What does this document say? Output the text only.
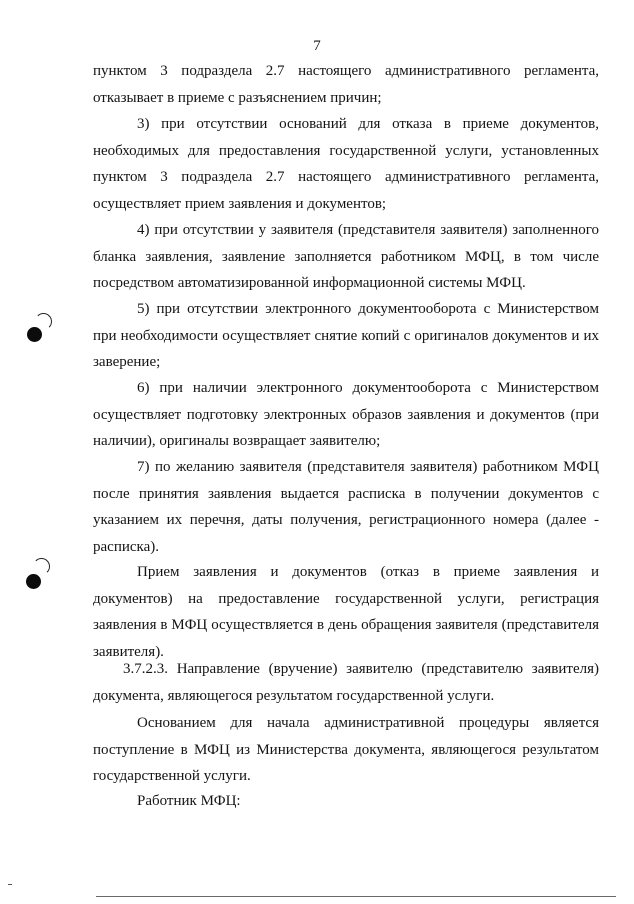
7

пунктом 3 подраздела 2.7 настоящего административного регламента, отказывает в приеме с разъяснением причин;

3) при отсутствии оснований для отказа в приеме документов, необходимых для предоставления государственной услуги, установленных пунктом 3 подраздела 2.7 настоящего административного регламента, осуществляет прием заявления и документов;

4) при отсутствии у заявителя (представителя заявителя) заполненного бланка заявления, заявление заполняется работником МФЦ, в том числе посредством автоматизированной информационной системы МФЦ.

5) при отсутствии электронного документооборота с Министерством при необходимости осуществляет снятие копий с оригиналов документов и их заверение;

6) при наличии электронного документооборота с Министерством осуществляет подготовку электронных образов заявления и документов (при наличии), оригиналы возвращает заявителю;

7) по желанию заявителя (представителя заявителя) работником МФЦ после принятия заявления выдается расписка в получении документов с указанием их перечня, даты получения, регистрационного номера (далее - расписка).

Прием заявления и документов (отказ в приеме заявления и документов) на предоставление государственной услуги, регистрация заявления в МФЦ осуществляется в день обращения заявителя (представителя заявителя).

3.7.2.3. Направление (вручение) заявителю (представителю заявителя) документа, являющегося результатом государственной услуги.

Основанием для начала административной процедуры является поступление в МФЦ из Министерства документа, являющегося результатом государственной услуги.

Работник МФЦ:
